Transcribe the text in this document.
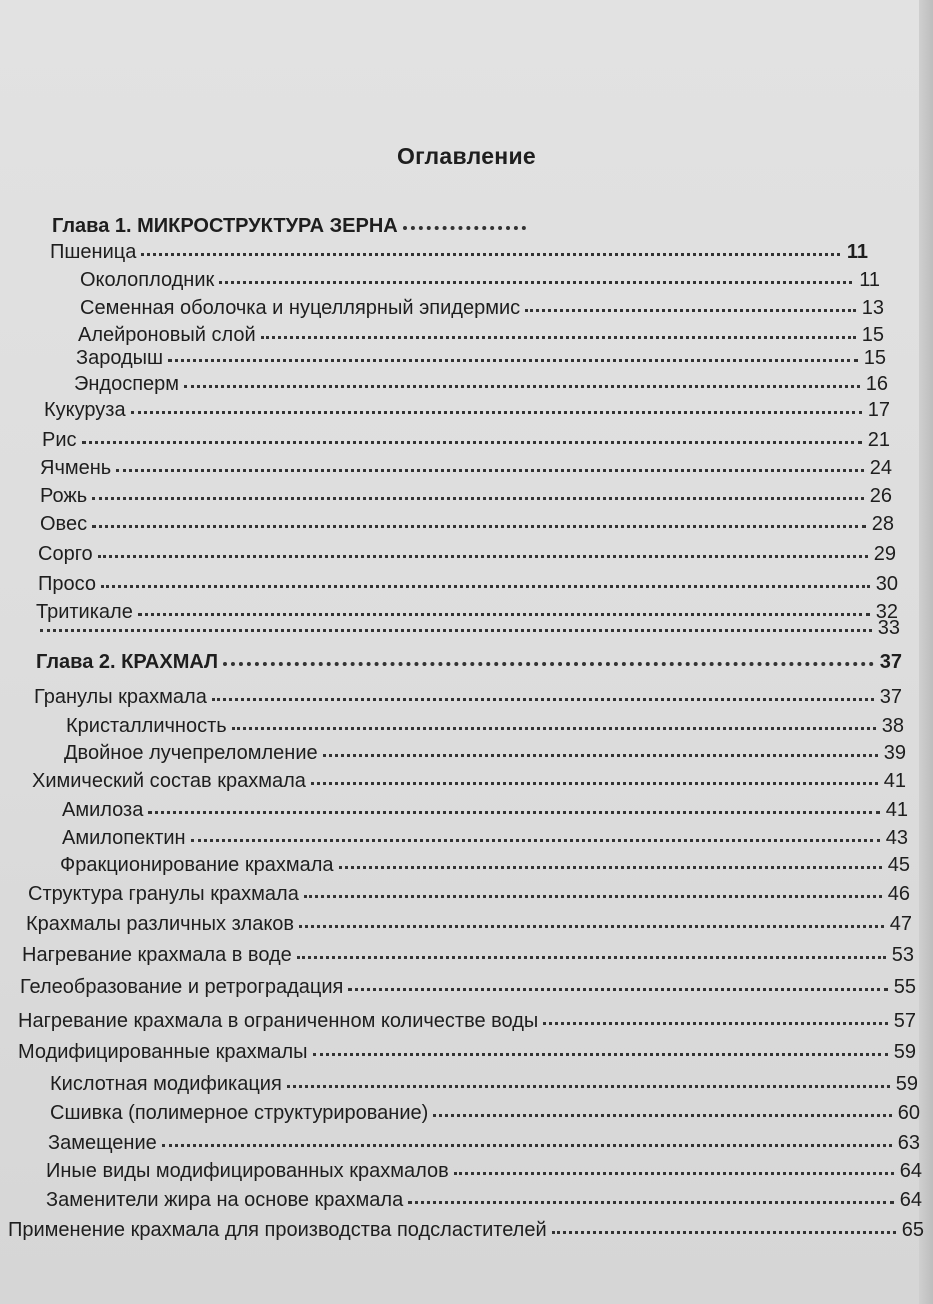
Оглавление
Глава 1. МИКРОСТРУКТУРА ЗЕРНА
Пшеница	11
Околоплодник	11
Семенная оболочка и нуцеллярный эпидермис	13
Алейроновый слой	15
Зародыш	15
Эндосперм	16
Кукуруза	17
Рис	21
Ячмень	24
Рожь	26
Овес	28
Сорго	29
Просо	30
Тритикале	32
33
Глава 2. КРАХМАЛ	37
Гранулы крахмала	37
Кристалличность	38
Двойное лучепреломление	39
Химический состав крахмала	41
Амилоза	41
Амилопектин	43
Фракционирование крахмала	45
Структура гранулы крахмала	46
Крахмалы различных злаков	47
Нагревание крахмала в воде	53
Гелеобразование и ретроградация	55
Нагревание крахмала в ограниченном количестве воды	57
Модифицированные крахмалы	59
Кислотная модификация	59
Сшивка (полимерное структурирование)	60
Замещение	63
Иные виды модифицированных крахмалов	64
Заменители жира на основе крахмала	64
Применение крахмала для производства подсластителей	65
